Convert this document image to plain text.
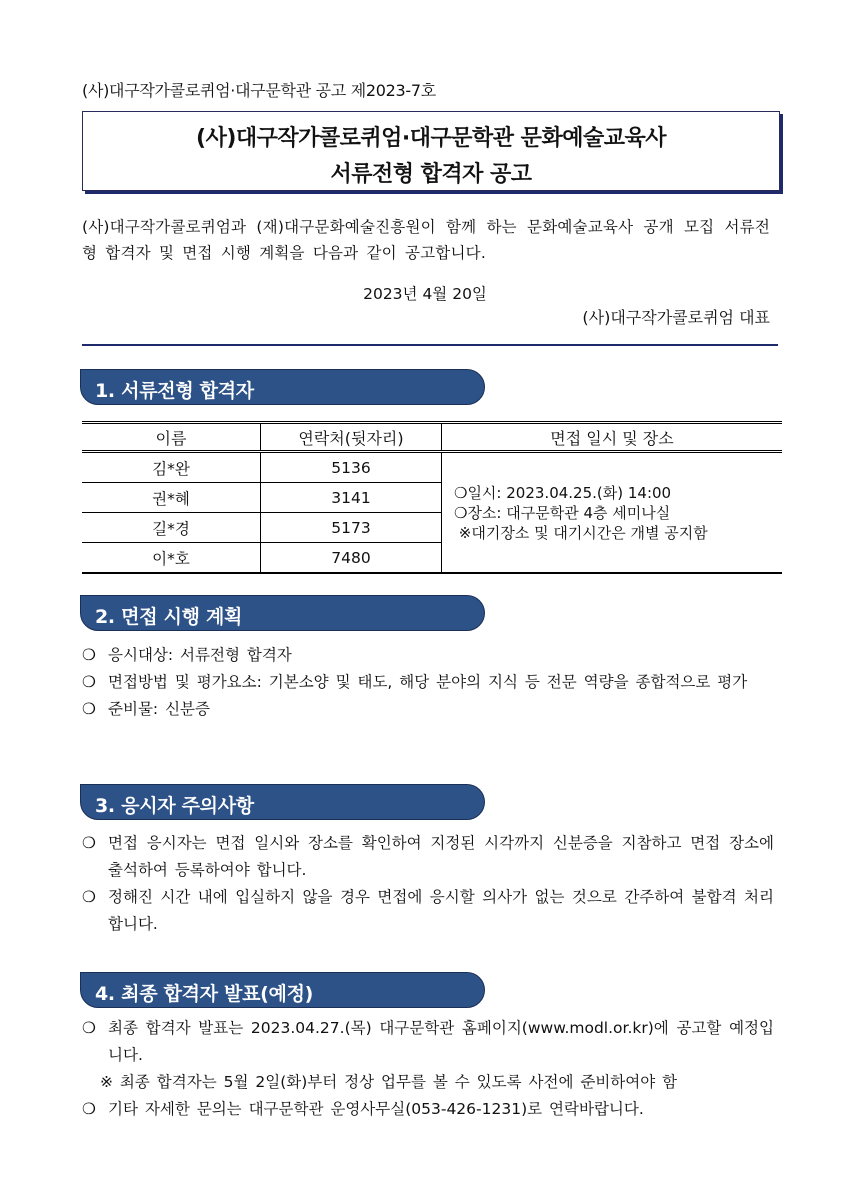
(사)대구작가콜로퀴엄·대구문학관 공고 제2023-7호
(사)대구작가콜로퀴엄·대구문학관 문화예술교육사
서류전형 합격자 공고
(사)대구작가콜로퀴엄과 (재)대구문화예술진흥원이 함께 하는 문화예술교육사 공개 모집 서류전형 합격자 및 면접 시행 계획을 다음과 같이 공고합니다.
2023년 4월 20일
(사)대구작가콜로퀴엄 대표
1. 서류전형 합격자
이름	연락처(뒷자리)	면접 일시 및 장소
김*완	5136	❍일시: 2023.04.25.(화) 14:00
❍장소: 대구문학관 4층 세미나실
※대기장소 및 대기시간은 개별 공지함

권*혜	3141	
길*경	5173	
이*호	7480	
2. 면접 시행 계획
❍ 응시대상: 서류전형 합격자
❍ 면접방법 및 평가요소: 기본소양 및 태도, 해당 분야의 지식 등 전문 역량을 종합적으로 평가
❍ 준비물: 신분증
3. 응시자 주의사항
❍ 면접 응시자는 면접 일시와 장소를 확인하여 지정된 시각까지 신분증을 지참하고 면접 장소에 출석하여 등록하여야 합니다.
❍ 정해진 시간 내에 입실하지 않을 경우 면접에 응시할 의사가 없는 것으로 간주하여 불합격 처리합니다.
4. 최종 합격자 발표(예정)
❍ 최종 합격자 발표는 2023.04.27.(목) 대구문학관 홈페이지(www.modl.or.kr)에 공고할 예정입니다.
※ 최종 합격자는 5월 2일(화)부터 정상 업무를 볼 수 있도록 사전에 준비하여야 함
❍ 기타 자세한 문의는 대구문학관 운영사무실(053-426-1231)로 연락바랍니다.
